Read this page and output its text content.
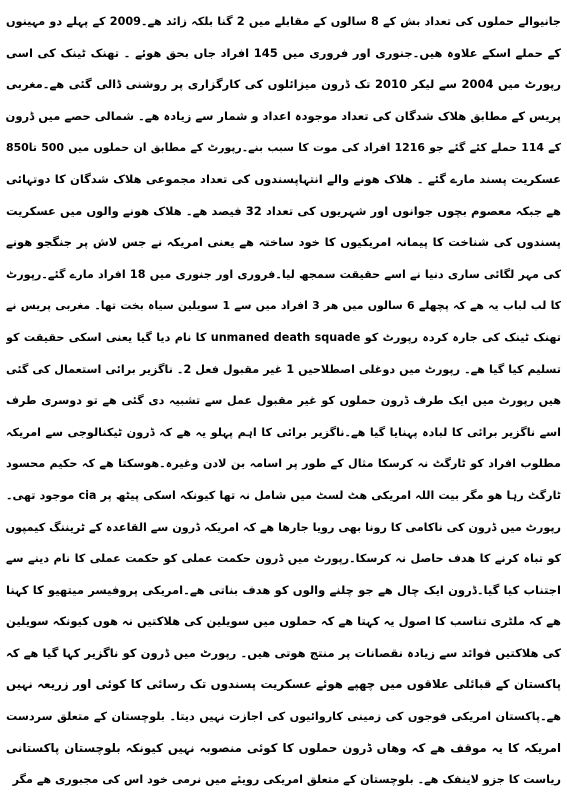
جانیوالے حملوں کی تعداد بش کے 8 سالوں کے مقابلے میں 2 گنا بلکہ زائد ھے۔2009 کے پہلے دو مہینوں
کے حملے اسکے علاوہ ھیں۔جنوری اور فروری میں 145 افراد جاں بحق ھوئے ۔ تھنک ٹینک کی اسی
رپورٹ میں 2004 سے لیکر 2010 تک ڈرون میزائلوں کی کارگزاری پر روشنی ڈالی گئی ھے۔مغربی
پریس کے مطابق ھلاک شدگان کی تعداد موجودہ اعداد و شمار سے زیادہ ھے۔ شمالی حصے میں ڈرون
کے 114 حملے کئے گئے جو 1216 افراد کی موت کا سبب بنے۔رپورٹ کے مطابق ان حملوں میں 500 تا850
عسکریت پسند مارے گئے ۔ ھلاک ھونے والے انتہاپسندوں کی تعداد مجموعی ھلاک شدگان کا دوتہائی
ھے جبکہ معصوم بچوں جوانوں اور شہریوں کی تعداد 32 فیصد ھے۔ ھلاک ھونے والوں میں عسکریت
پسندوں کی شناخت کا پیمانہ امریکیوں کا خود ساختہ ھے یعنی امریکہ نے جس لاش پر جنگجو ھونے
کی مہر لگائی ساری دنیا نے اسے حقیقت سمجھ لیا۔فروری اور جنوری میں 18 افراد مارے گئے۔رپورٹ
کا لب لباب یہ ھے کہ پچھلے 6 سالوں میں ھر 3 افراد میں سے 1 سویلین سیاہ بخت تھا۔ مغربی پریس نے
تھنک ٹینک کی جارہ کردہ رپورٹ کو unmaned death squade کا نام دیا گیا یعنی اسکی حقیقت کو
تسلیم کیا گیا ھے۔ رپورٹ میں دوغلی اصطلاحیں 1 غیر مقبول فعل 2۔ ناگزیر برائی استعمال کی گئی
ھیں رپورٹ میں ایک طرف ڈرون حملوں کو غیر مقبول عمل سے تشبیہ دی گئی ھے تو دوسری طرف
اسے ناگزیر برائی کا لبادہ پہنایا گیا ھے۔ناگزیر برائی کا اہم پہلو یہ ھے کہ ڈرون ٹیکنالوجی سے امریکہ
مطلوب افراد کو ٹارگٹ نہ کرسکا مثال کے طور پر اسامہ بن لادن وغیرہ۔ھوسکتا ھے کہ حکیم محسود
ٹارگٹ رہا ھو مگر بیت اللہ امریکی ھٹ لسٹ میں شامل نہ تھا کیونکہ اسکی پیٹھ پر cia موجود تھی۔
رپورٹ میں ڈرون کی ناکامی کا رونا بھی رویا جارھا ھے کہ امریکہ ڈرون سے القاعدہ کے ٹریننگ کیمپوں
کو تباہ کرنے کا ھدف حاصل نہ کرسکا۔رپورٹ میں ڈرون حکمت عملی کو حکمت عملی کا نام دینے سے
اجتناب کیا گیا۔ڈرون ایک چال ھے جو چلنے والوں کو ھدف بناتی ھے۔امریکی پروفیسر میتھیو کا کہنا
ھے کہ ملٹری تناسب کا اصول یہ کہتا ھے کہ حملوں میں سویلین کی ھلاکتیں نہ ھوں کیونکہ سویلین
کی ھلاکتیں فوائد سے زیادہ نقصانات پر منتج ھوتی ھیں۔ رپورٹ میں ڈرون کو ناگزیر کہا گیا ھے کہ
پاکستان کے قبائلی علاقوں میں چھپے ھوئے عسکریت پسندوں تک رسائی کا کوئی اور زریعہ نہیں
ھے۔پاکستان امریکی فوجوں کی زمینی کاروائیوں کی اجازت نہیں دیتا۔ بلوچستان کے متعلق سردست
امریکہ کا یہ موقف ھے کہ وھاں ڈرون حملوں کا کوئی منصوبہ نہیں کیونکہ بلوچستان پاکستانی
ریاست کا جزو لاینفک ھے۔ بلوچستان کے متعلق امریکی رویئے میں نرمی خود اس کی مجبوری ھے مگر
